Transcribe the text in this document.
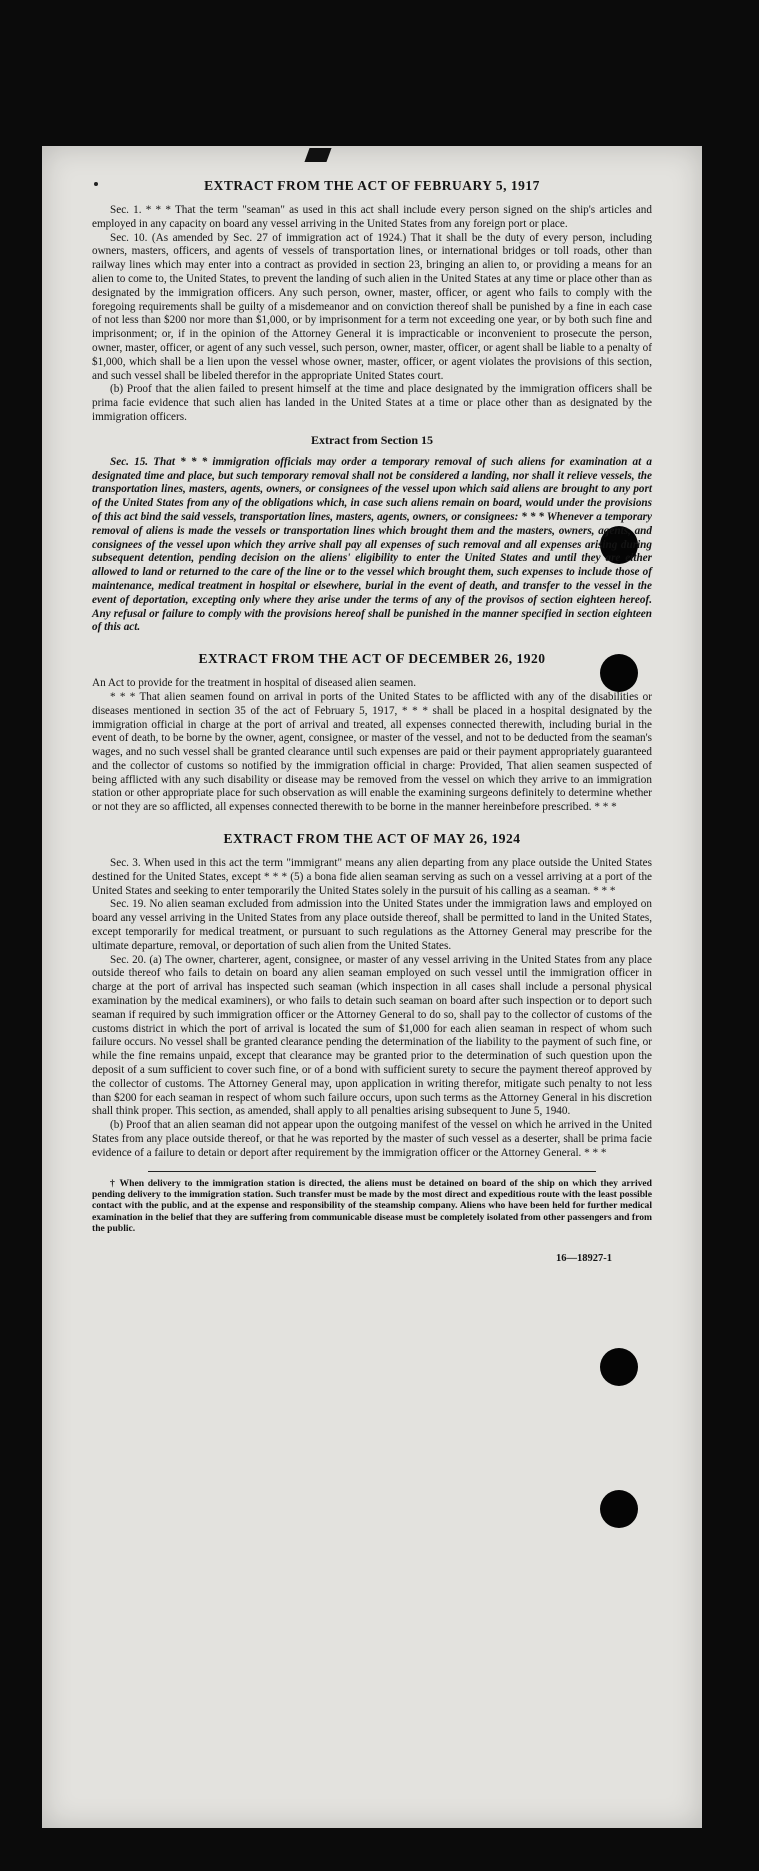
EXTRACT FROM THE ACT OF FEBRUARY 5, 1917

Sec. 1. * * * That the term "seaman" as used in this act shall include every person signed on the ship's articles and employed in any capacity on board any vessel arriving in the United States from any foreign port or place.

Sec. 10. (As amended by Sec. 27 of immigration act of 1924.) That it shall be the duty of every person, including owners, masters, officers, and agents of vessels of transportation lines, or international bridges or toll roads, other than railway lines which may enter into a contract as provided in section 23, bringing an alien to, or providing a means for an alien to come to, the United States, to prevent the landing of such alien in the United States at any time or place other than as designated by the immigration officers. Any such person, owner, master, officer, or agent who fails to comply with the foregoing requirements shall be guilty of a misdemeanor and on conviction thereof shall be punished by a fine in each case of not less than $200 nor more than $1,000, or by imprisonment for a term not exceeding one year, or by both such fine and imprisonment; or, if in the opinion of the Attorney General it is impracticable or inconvenient to prosecute the person, owner, master, officer, or agent of any such vessel, such person, owner, master, officer, or agent shall be liable to a penalty of $1,000, which shall be a lien upon the vessel whose owner, master, officer, or agent violates the provisions of this section, and such vessel shall be libeled therefor in the appropriate United States court.

(b) Proof that the alien failed to present himself at the time and place designated by the immigration officers shall be prima facie evidence that such alien has landed in the United States at a time or place other than as designated by the immigration officers.

Extract from Section 15

Sec. 15. That * * * immigration officials may order a temporary removal of such aliens for examination at a designated time and place, but such temporary removal shall not be considered a landing, nor shall it relieve vessels, the transportation lines, masters, agents, owners, or consignees of the vessel upon which said aliens are brought to any port of the United States from any of the obligations which, in case such aliens remain on board, would under the provisions of this act bind the said vessels, transportation lines, masters, agents, owners, or consignees: * * * Whenever a temporary removal of aliens is made the vessels or transportation lines which brought them and the masters, owners, agents, and consignees of the vessel upon which they arrive shall pay all expenses of such removal and all expenses arising during subsequent detention, pending decision on the aliens' eligibility to enter the United States and until they are either allowed to land or returned to the care of the line or to the vessel which brought them, such expenses to include those of maintenance, medical treatment in hospital or elsewhere, burial in the event of death, and transfer to the vessel in the event of deportation, excepting only where they arise under the terms of any of the provisos of section eighteen hereof. Any refusal or failure to comply with the provisions hereof shall be punished in the manner specified in section eighteen of this act.

EXTRACT FROM THE ACT OF DECEMBER 26, 1920

An Act to provide for the treatment in hospital of diseased alien seamen.

* * * That alien seamen found on arrival in ports of the United States to be afflicted with any of the disabilities or diseases mentioned in section 35 of the act of February 5, 1917, * * * shall be placed in a hospital designated by the immigration official in charge at the port of arrival and treated, all expenses connected therewith, including burial in the event of death, to be borne by the owner, agent, consignee, or master of the vessel, and not to be deducted from the seaman's wages, and no such vessel shall be granted clearance until such expenses are paid or their payment appropriately guaranteed and the collector of customs so notified by the immigration official in charge: Provided, That alien seamen suspected of being afflicted with any such disability or disease may be removed from the vessel on which they arrive to an immigration station or other appropriate place for such observation as will enable the examining surgeons definitely to determine whether or not they are so afflicted, all expenses connected therewith to be borne in the manner hereinbefore prescribed. * * *

EXTRACT FROM THE ACT OF MAY 26, 1924

Sec. 3. When used in this act the term "immigrant" means any alien departing from any place outside the United States destined for the United States, except * * * (5) a bona fide alien seaman serving as such on a vessel arriving at a port of the United States and seeking to enter temporarily the United States solely in the pursuit of his calling as a seaman. * * *

Sec. 19. No alien seaman excluded from admission into the United States under the immigration laws and employed on board any vessel arriving in the United States from any place outside thereof, shall be permitted to land in the United States, except temporarily for medical treatment, or pursuant to such regulations as the Attorney General may prescribe for the ultimate departure, removal, or deportation of such alien from the United States.

Sec. 20. (a) The owner, charterer, agent, consignee, or master of any vessel arriving in the United States from any place outside thereof who fails to detain on board any alien seaman employed on such vessel until the immigration officer in charge at the port of arrival has inspected such seaman (which inspection in all cases shall include a personal physical examination by the medical examiners), or who fails to detain such seaman on board after such inspection or to deport such seaman if required by such immigration officer or the Attorney General to do so, shall pay to the collector of customs of the customs district in which the port of arrival is located the sum of $1,000 for each alien seaman in respect of whom such failure occurs. No vessel shall be granted clearance pending the determination of the liability to the payment of such fine, or while the fine remains unpaid, except that clearance may be granted prior to the determination of such question upon the deposit of a sum sufficient to cover such fine, or of a bond with sufficient surety to secure the payment thereof approved by the collector of customs. The Attorney General may, upon application in writing therefor, mitigate such penalty to not less than $200 for each seaman in respect of whom such failure occurs, upon such terms as the Attorney General in his discretion shall think proper. This section, as amended, shall apply to all penalties arising subsequent to June 5, 1940.

(b) Proof that an alien seaman did not appear upon the outgoing manifest of the vessel on which he arrived in the United States from any place outside thereof, or that he was reported by the master of such vessel as a deserter, shall be prima facie evidence of a failure to detain or deport after requirement by the immigration officer or the Attorney General. * * *

† When delivery to the immigration station is directed, the aliens must be detained on board of the ship on which they arrived pending delivery to the immigration station. Such transfer must be made by the most direct and expeditious route with the least possible contact with the public, and at the expense and responsibility of the steamship company. Aliens who have been held for further medical examination in the belief that they are suffering from communicable disease must be completely isolated from other passengers and from the public.

16—18927-1
